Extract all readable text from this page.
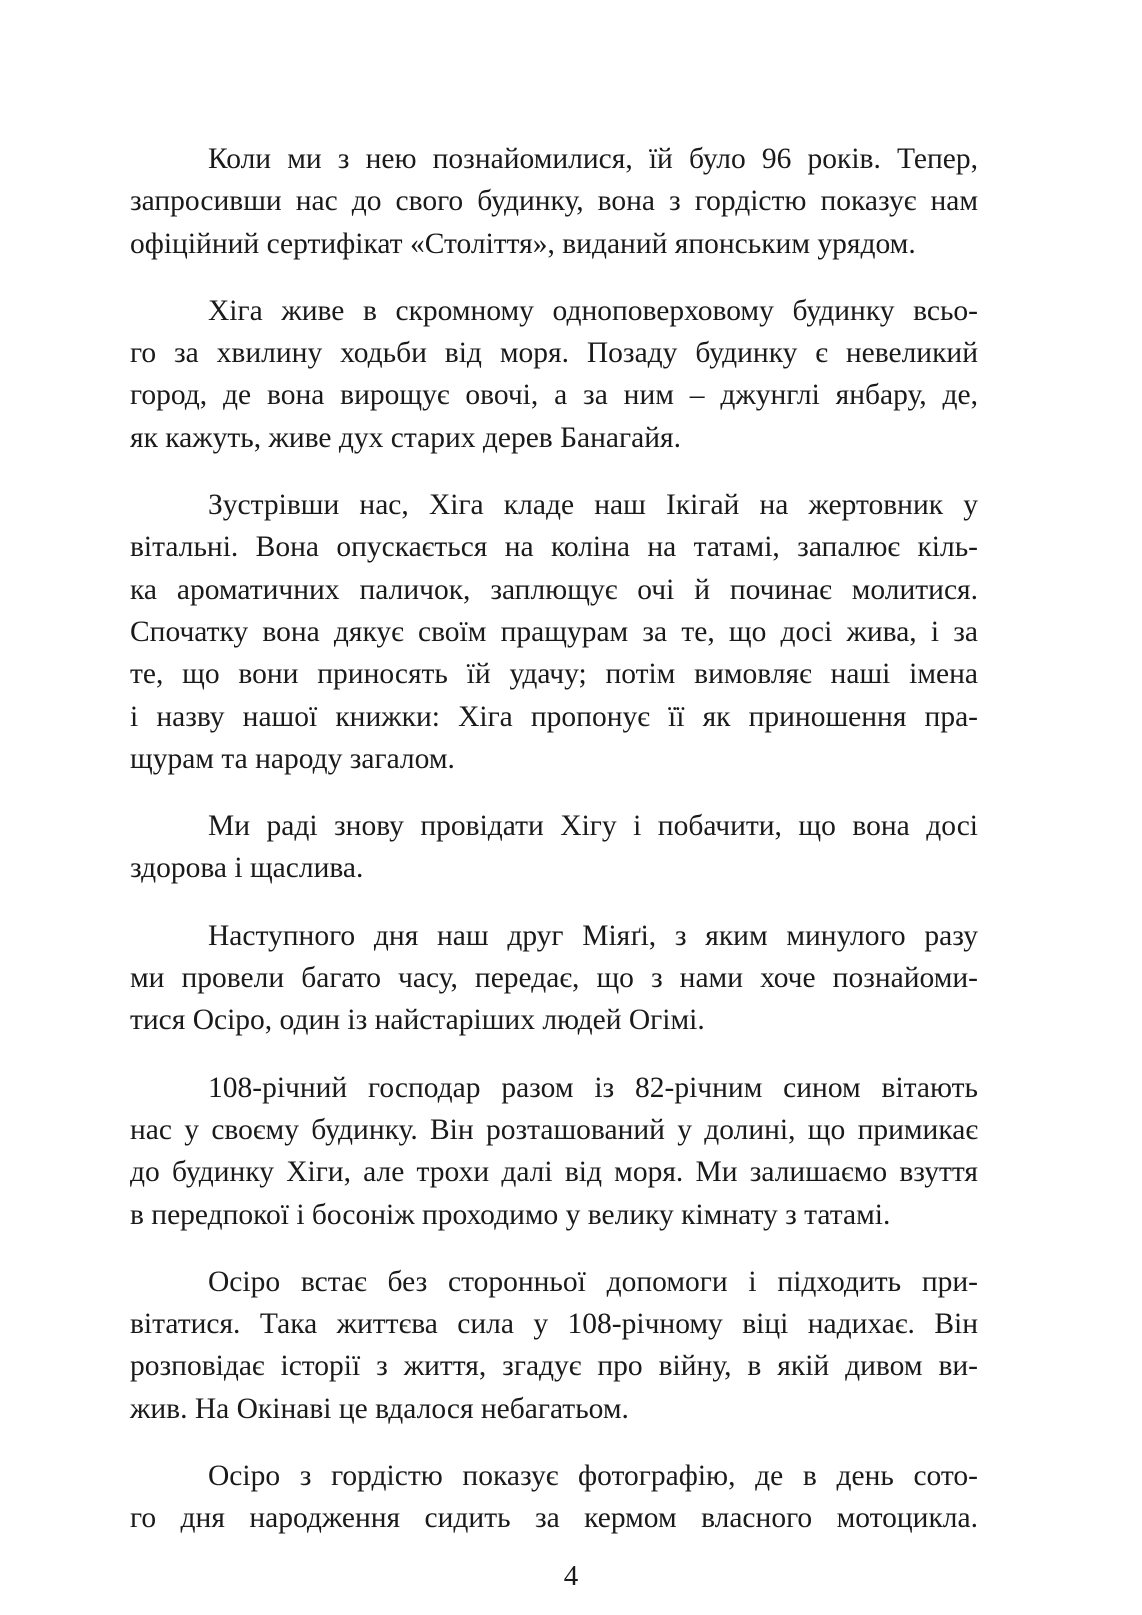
Коли ми з нею познайомилися, їй було 96 років. Тепер,
запросивши нас до свого будинку, вона з гордістю показує нам
офіційний сертифікат «Століття», виданий японським урядом.
Хіга живе в скромному одноповерховому будинку всьо-
го за хвилину ходьби від моря. Позаду будинку є невеликий
город, де вона вирощує овочі, а за ним – джунглі янбару, де,
як кажуть, живе дух старих дерев Банагайя.
Зустрівши нас, Хіга кладе наш Ікігай на жертовник у
вітальні. Вона опускається на коліна на татамі, запалює кіль-
ка ароматичних паличок, заплющує очі й починає молитися.
Спочатку вона дякує своїм пращурам за те, що досі жива, і за
те, що вони приносять їй удачу; потім вимовляє наші імена
і назву нашої книжки: Хіга пропонує її як приношення пра-
щурам та народу загалом.
Ми раді знову провідати Хігу і побачити, що вона досі
здорова і щаслива.
Наступного дня наш друг Міяґі, з яким минулого разу
ми провели багато часу, передає, що з нами хоче познайоми-
тися Осіро, один із найстаріших людей Огімі.
108-річний господар разом із 82-річним сином вітають
нас у своєму будинку. Він розташований у долині, що примикає
до будинку Хіги, але трохи далі від моря. Ми залишаємо взуття
в передпокої і босоніж проходимо у велику кімнату з татамі.
Осіро встає без сторонньої допомоги і підходить при-
вітатися. Така життєва сила у 108-річному віці надихає. Він
розповідає історії з життя, згадує про війну, в якій дивом ви-
жив. На Окінаві це вдалося небагатьом.
Осіро з гордістю показує фотографію, де в день сото-
го дня народження сидить за кермом власного мотоцикла.
4
